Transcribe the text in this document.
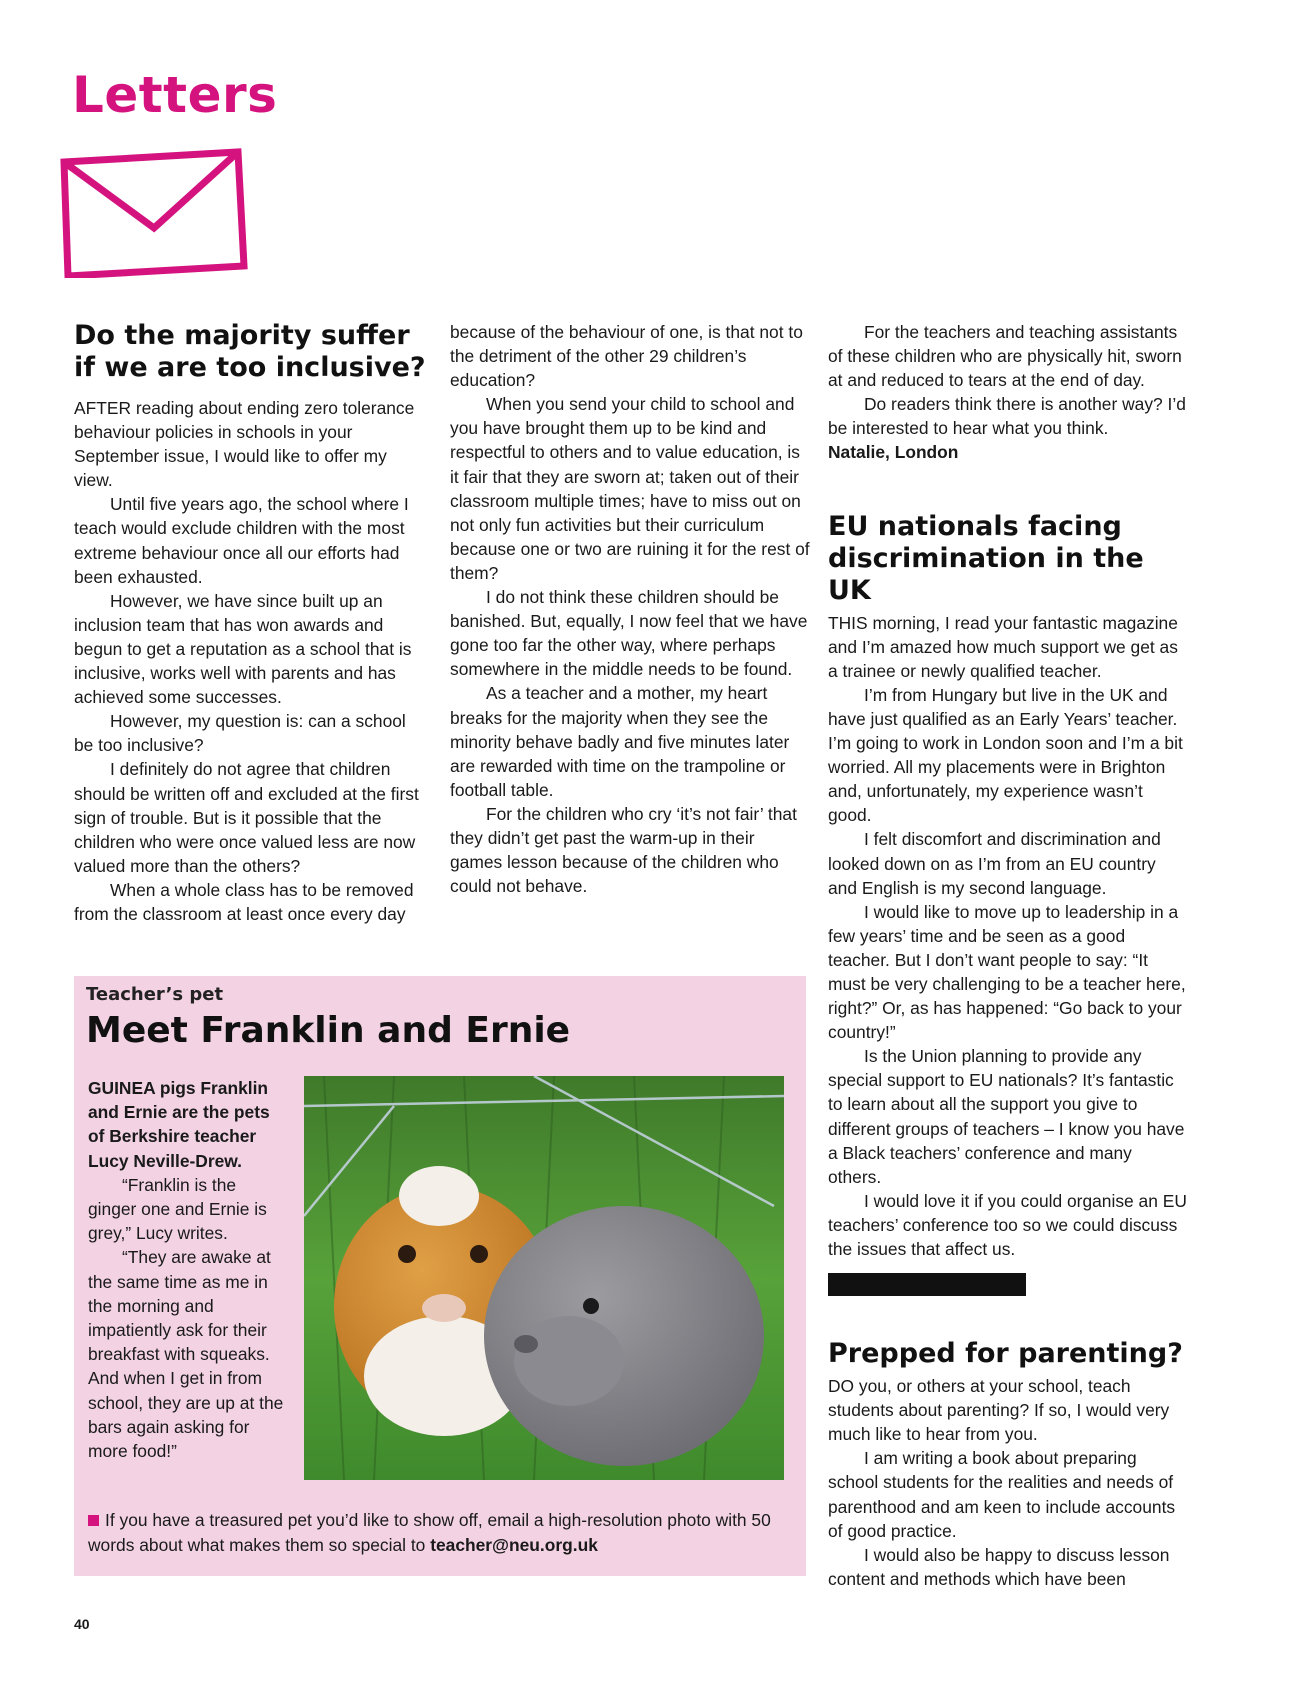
Letters
Do the majority suffer if we are too inclusive?

AFTER reading about ending zero tolerance behaviour policies in schools in your September issue, I would like to offer my view.

Until five years ago, the school where I teach would exclude children with the most extreme behaviour once all our efforts had been exhausted.

However, we have since built up an inclusion team that has won awards and begun to get a reputation as a school that is inclusive, works well with parents and has achieved some successes.

However, my question is: can a school be too inclusive?

I definitely do not agree that children should be written off and excluded at the first sign of trouble. But is it possible that the children who were once valued less are now valued more than the others?

When a whole class has to be removed from the classroom at least once every day

because of the behaviour of one, is that not to the detriment of the other 29 children’s education?

When you send your child to school and you have brought them up to be kind and respectful to others and to value education, is it fair that they are sworn at; taken out of their classroom multiple times; have to miss out on not only fun activities but their curriculum because one or two are ruining it for the rest of them?

I do not think these children should be banished. But, equally, I now feel that we have gone too far the other way, where perhaps somewhere in the middle needs to be found.

As a teacher and a mother, my heart breaks for the majority when they see the minority behave badly and five minutes later are rewarded with time on the trampoline or football table.

For the children who cry ‘it’s not fair’ that they didn’t get past the warm-up in their games lesson because of the children who could not behave.

For the teachers and teaching assistants of these children who are physically hit, sworn at and reduced to tears at the end of day.

Do readers think there is another way? I’d be interested to hear what you think.

Natalie, London

EU nationals facing discrimination in the UK

THIS morning, I read your fantastic magazine and I’m amazed how much support we get as a trainee or newly qualified teacher.

I’m from Hungary but live in the UK and have just qualified as an Early Years’ teacher. I’m going to work in London soon and I’m a bit worried. All my placements were in Brighton and, unfortunately, my experience wasn’t good.

I felt discomfort and discrimination and looked down on as I’m from an EU country and English is my second language.

I would like to move up to leadership in a few years’ time and be seen as a good teacher. But I don’t want people to say: “It must be very challenging to be a teacher here, right?” Or, as has happened: “Go back to your country!”

Is the Union planning to provide any special support to EU nationals? It’s fantastic to learn about all the support you give to different groups of teachers – I know you have a Black teachers’ conference and many others.

I would love it if you could organise an EU teachers’ conference too so we could discuss the issues that affect us.

Prepped for parenting?

DO you, or others at your school, teach students about parenting? If so, I would very much like to hear from you.

I am writing a book about preparing school students for the realities and needs of parenthood and am keen to include accounts of good practice.

I would also be happy to discuss lesson content and methods which have been

Teacher’s pet
Meet Franklin and Ernie

GUINEA pigs Franklin and Ernie are the pets of Berkshire teacher Lucy Neville-Drew.

“Franklin is the ginger one and Ernie is grey,” Lucy writes.

“They are awake at the same time as me in the morning and impatiently ask for their breakfast with squeaks. And when I get in from school, they are up at the bars again asking for more food!”

If you have a treasured pet you’d like to show off, email a high-resolution photo with 50 words about what makes them so special to teacher@neu.org.uk
40
